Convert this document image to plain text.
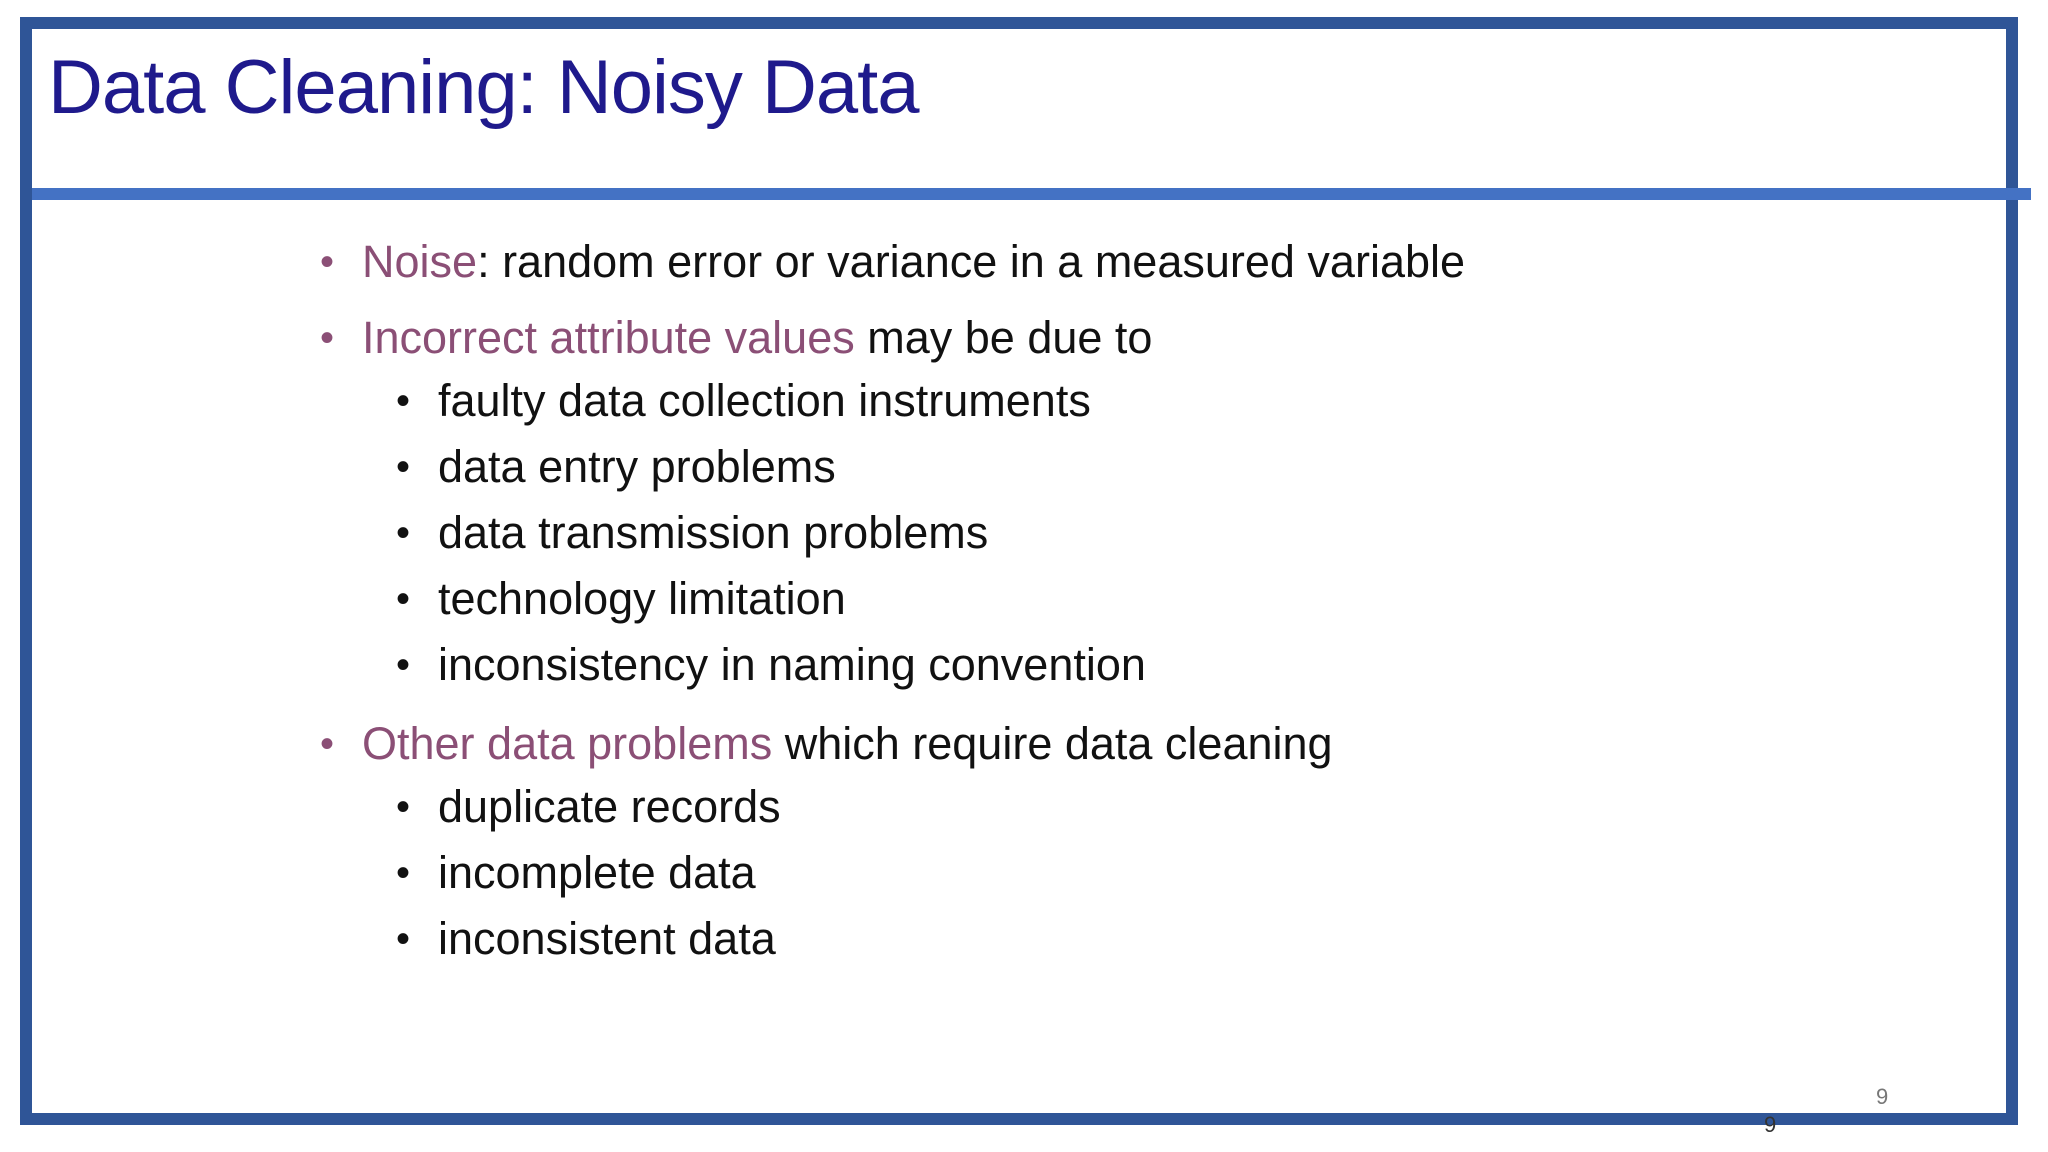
Data Cleaning: Noisy Data
• Noise: random error or variance in a measured variable
• Incorrect attribute values may be due to
• faulty data collection instruments
• data entry problems
• data transmission problems
• technology limitation
• inconsistency in naming convention
• Other data problems which require data cleaning
• duplicate records
• incomplete data
• inconsistent data
9
9
